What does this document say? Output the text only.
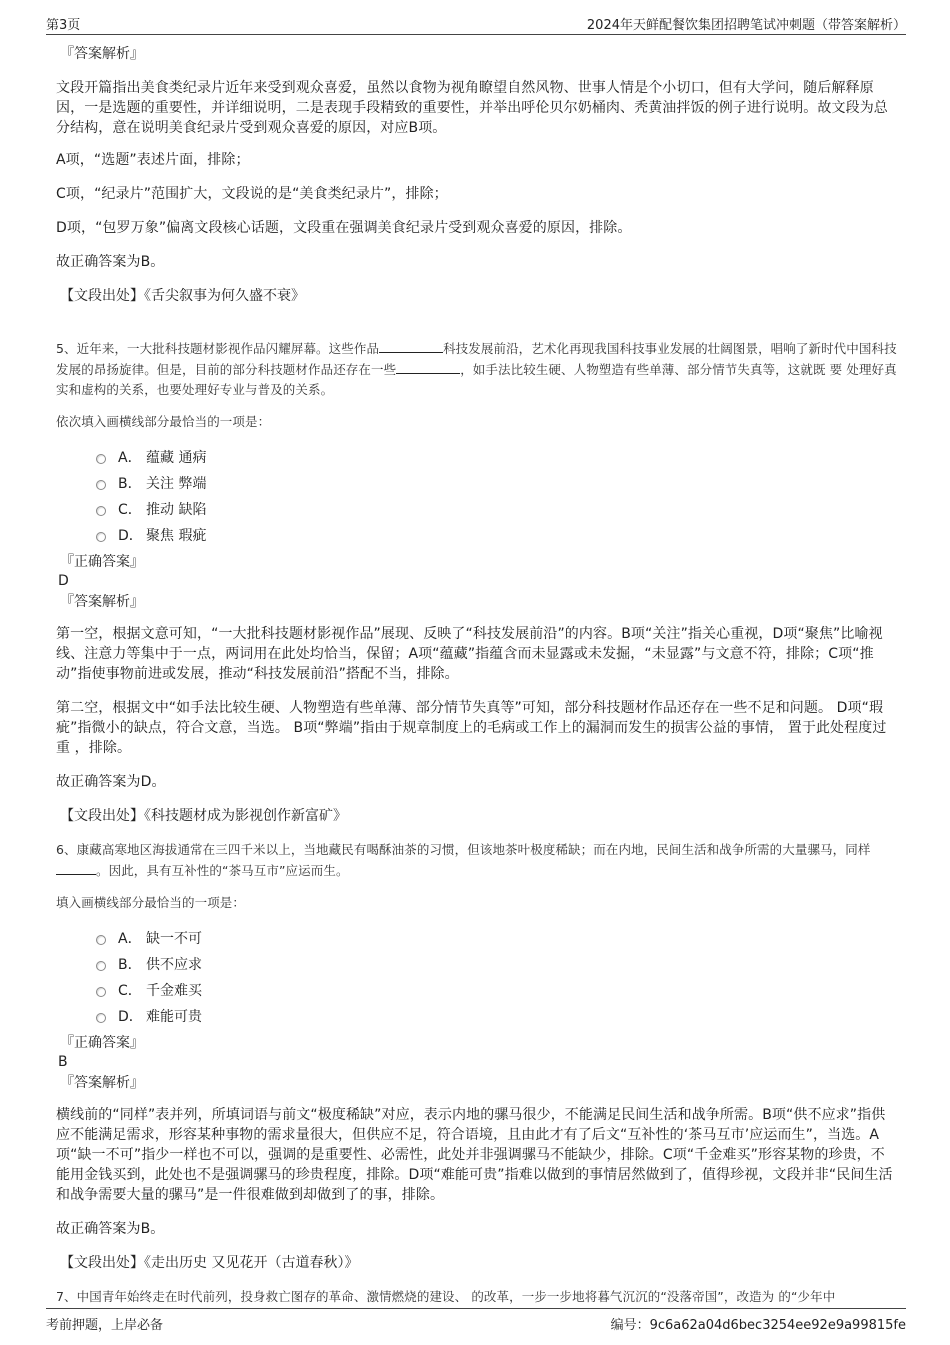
第3页	2024年天鲜配餐饮集团招聘笔试冲刺题（带答案解析）
『答案解析』

文段开篇指出美食类纪录片近年来受到观众喜爱，虽然以食物为视角瞭望自然风物、世事人情是个小切口，但有大学问，随后解释原因，一是选题的重要性，并详细说明，二是表现手段精致的重要性，并举出呼伦贝尔奶桶肉、秃黄油拌饭的例子进行说明。故文段为总分结构，意在说明美食纪录片受到观众喜爱的原因，对应B项。

A项，“选题”表述片面，排除；

C项，“纪录片”范围扩大，文段说的是“美食类纪录片”，排除；

D项，“包罗万象”偏离文段核心话题，文段重在强调美食纪录片受到观众喜爱的原因，排除。

故正确答案为B。

【文段出处】《舌尖叙事为何久盛不衰》

5、近年来，一大批科技题材影视作品闪耀屏幕。这些作品	科技发展前沿，艺术化再现我国科技事业发展的壮阔图景，唱响了新时代中国科技发展的昂扬旋律。但是，目前的部分科技题材作品还存在一些	，如手法比较生硬、人物塑造有些单薄、部分情节失真等，这就既 要 处理好真实和虚构的关系，也要处理好专业与普及的关系。

依次填入画横线部分最恰当的一项是：

A． 蕴藏 通病
B． 关注 弊端
C． 推动 缺陷
D． 聚焦 瑕疵
『正确答案』
D
『答案解析』

第一空，根据文意可知，“一大批科技题材影视作品”展现、反映了“科技发展前沿”的内容。B项“关注”指关心重视，D项“聚焦”比喻视线、注意力等集中于一点，两词用在此处均恰当，保留；A项“蕴藏”指蕴含而未显露或未发掘，“未显露”与文意不符，排除；C项“推动”指使事物前进或发展，推动“科技发展前沿”搭配不当，排除。

第二空，根据文中“如手法比较生硬、人物塑造有些单薄、部分情节失真等”可知，部分科技题材作品还存在一些不足和问题。 D项“瑕疵”指微小的缺点，符合文意，当选。 B项“弊端”指由于规章制度上的毛病或工作上的漏洞而发生的损害公益的事情， 置于此处程度过重 ，排除。

故正确答案为D。

【文段出处】《科技题材成为影视创作新富矿》

6、康藏高寒地区海拔通常在三四千米以上，当地藏民有喝酥油茶的习惯，但该地茶叶极度稀缺；而在内地，民间生活和战争所需的大量骡马，同样。因此，具有互补性的“茶马互市”应运而生。

填入画横线部分最恰当的一项是：

A． 缺一不可
B． 供不应求
C． 千金难买
D． 难能可贵
『正确答案』
B
『答案解析』

横线前的“同样”表并列，所填词语与前文“极度稀缺”对应，表示内地的骡马很少，不能满足民间生活和战争所需。B项“供不应求”指供应不能满足需求，形容某种事物的需求量很大，但供应不足，符合语境，且由此才有了后文“互补性的‘茶马互市’应运而生”，当选。A项“缺一不可”指少一样也不可以，强调的是重要性、必需性，此处并非强调骡马不能缺少，排除。C项“千金难买”形容某物的珍贵，不能用金钱买到，此处也不是强调骡马的珍贵程度，排除。D项“难能可贵”指难以做到的事情居然做到了，值得珍视，文段并非“民间生活和战争需要大量的骡马”是一件很难做到却做到了的事，排除。

故正确答案为B。

【文段出处】《走出历史 又见花开（古道春秋）》

7、中国青年始终走在时代前列，投身救亡图存的革命、激情燃烧的建设、 的改革，一步一步地将暮气沉沉的“没落帝国”，改造为 的“少年中

考前押题，上岸必备	编号：9c6a62a04d6bec3254ee92e9a99815fe
